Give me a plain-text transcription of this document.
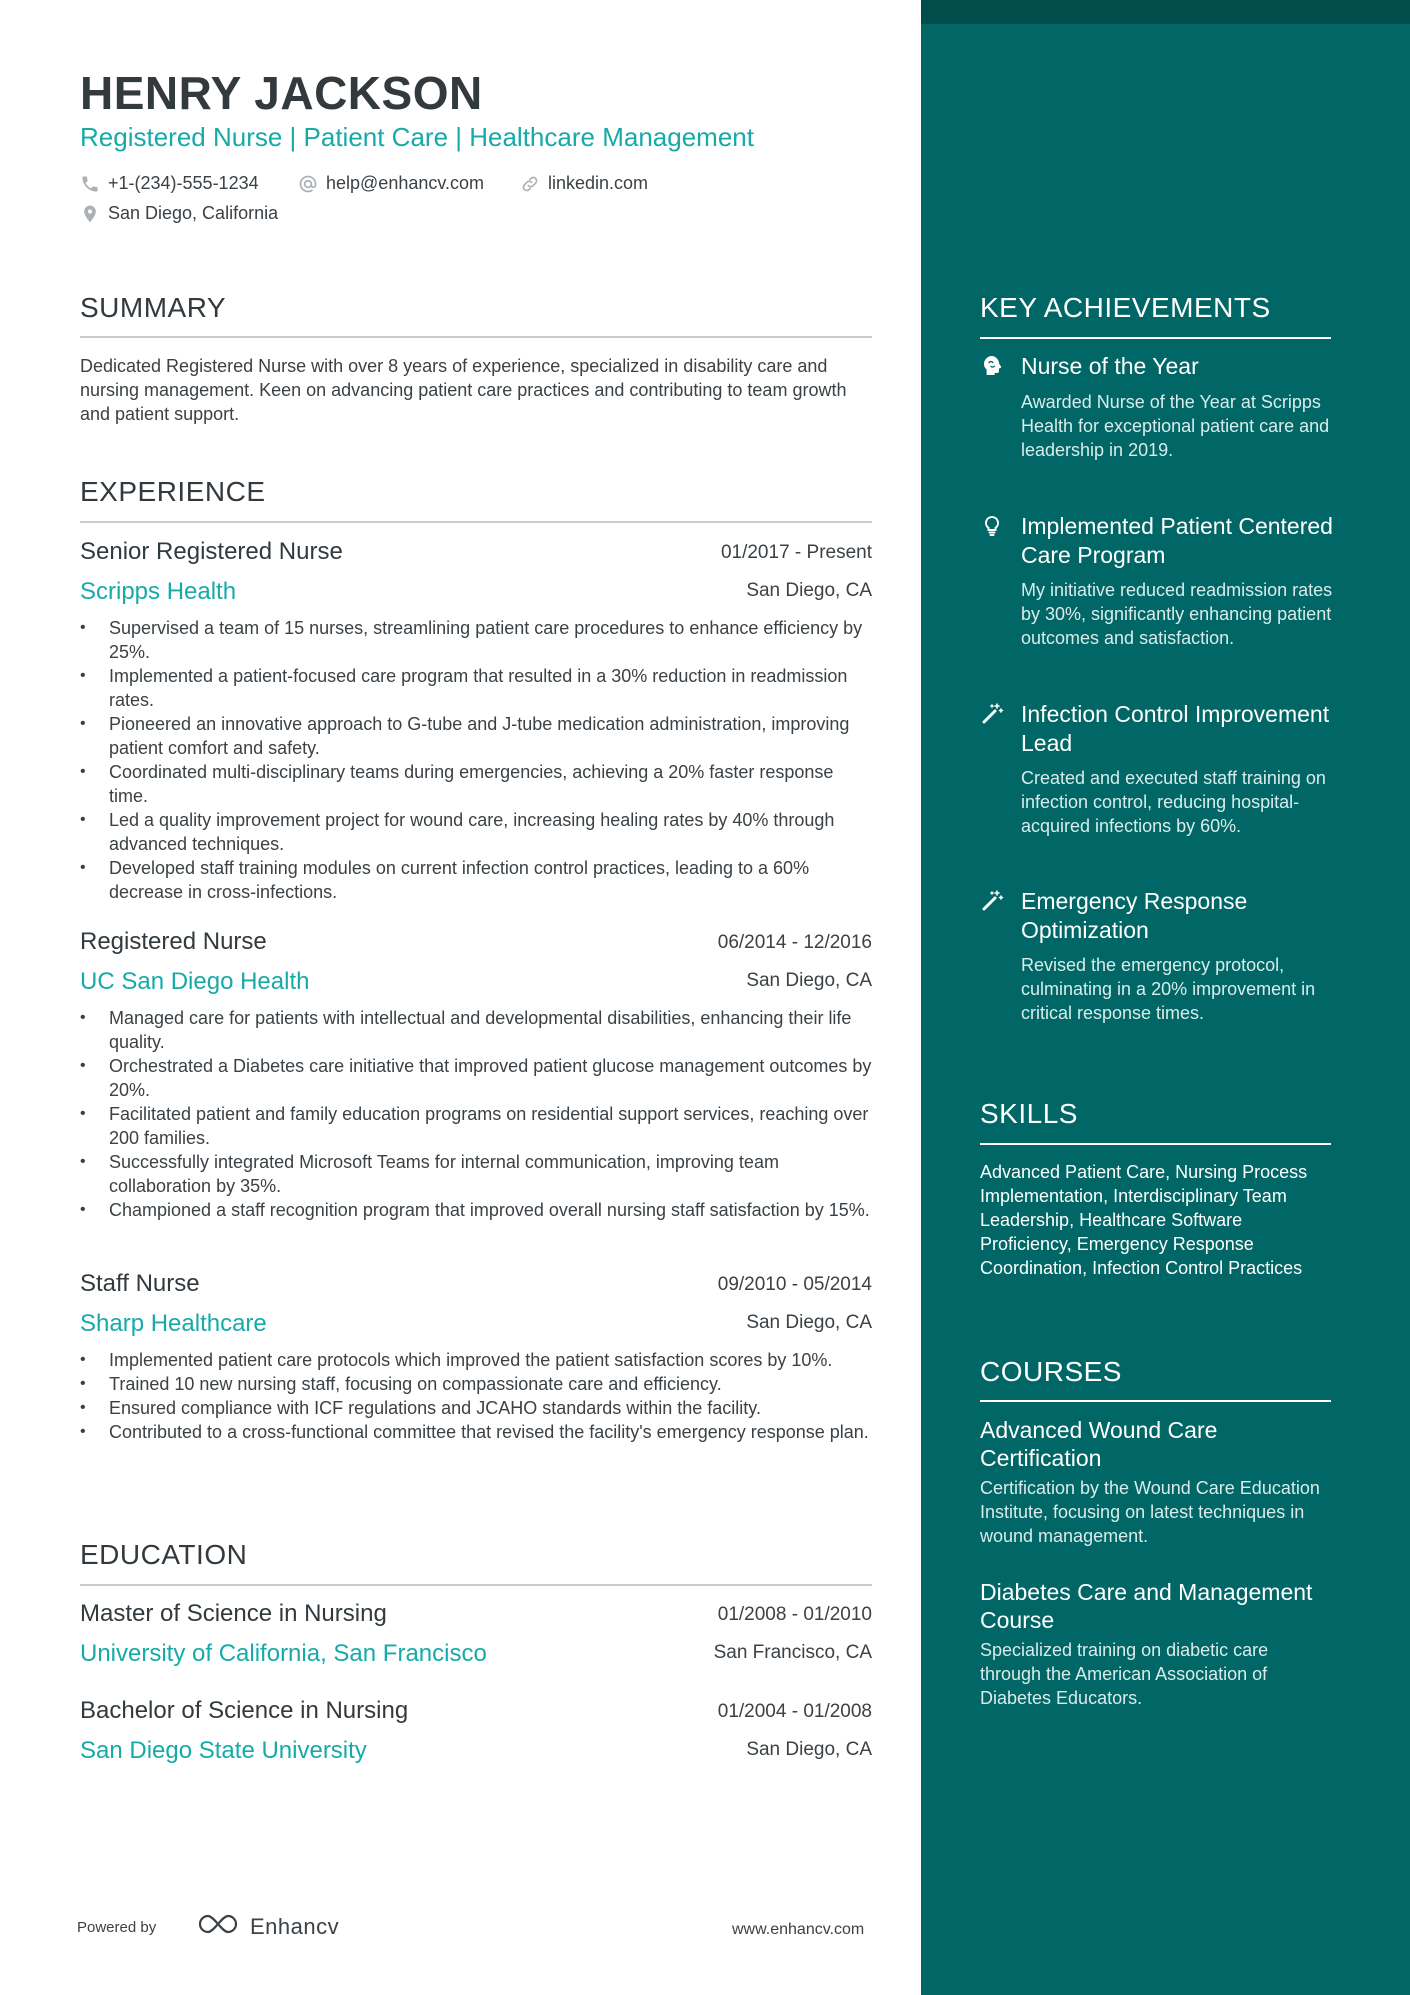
HENRY JACKSON
Registered Nurse | Patient Care | Healthcare Management
+1-(234)-555-1234	help@enhancv.com	linkedin.com
San Diego, California
SUMMARY
Dedicated Registered Nurse with over 8 years of experience, specialized in disability care and nursing management. Keen on advancing patient care practices and contributing to team growth and patient support.
EXPERIENCE
Senior Registered Nurse	01/2017 - Present
Scripps Health	San Diego, CA
• Supervised a team of 15 nurses, streamlining patient care procedures to enhance efficiency by 25%.
• Implemented a patient-focused care program that resulted in a 30% reduction in readmission rates.
• Pioneered an innovative approach to G-tube and J-tube medication administration, improving patient comfort and safety.
• Coordinated multi-disciplinary teams during emergencies, achieving a 20% faster response time.
• Led a quality improvement project for wound care, increasing healing rates by 40% through advanced techniques.
• Developed staff training modules on current infection control practices, leading to a 60% decrease in cross-infections.
Registered Nurse	06/2014 - 12/2016
UC San Diego Health	San Diego, CA
• Managed care for patients with intellectual and developmental disabilities, enhancing their life quality.
• Orchestrated a Diabetes care initiative that improved patient glucose management outcomes by 20%.
• Facilitated patient and family education programs on residential support services, reaching over 200 families.
• Successfully integrated Microsoft Teams for internal communication, improving team collaboration by 35%.
• Championed a staff recognition program that improved overall nursing staff satisfaction by 15%.
Staff Nurse	09/2010 - 05/2014
Sharp Healthcare	San Diego, CA
• Implemented patient care protocols which improved the patient satisfaction scores by 10%.
• Trained 10 new nursing staff, focusing on compassionate care and efficiency.
• Ensured compliance with ICF regulations and JCAHO standards within the facility.
• Contributed to a cross-functional committee that revised the facility's emergency response plan.
EDUCATION
Master of Science in Nursing	01/2008 - 01/2010
University of California, San Francisco	San Francisco, CA
Bachelor of Science in Nursing	01/2004 - 01/2008
San Diego State University	San Diego, CA
Powered by	Enhancv	www.enhancv.com
KEY ACHIEVEMENTS
Nurse of the Year
Awarded Nurse of the Year at Scripps Health for exceptional patient care and leadership in 2019.
Implemented Patient Centered Care Program
My initiative reduced readmission rates by 30%, significantly enhancing patient outcomes and satisfaction.
Infection Control Improvement Lead
Created and executed staff training on infection control, reducing hospital-acquired infections by 60%.
Emergency Response Optimization
Revised the emergency protocol, culminating in a 20% improvement in critical response times.
SKILLS
Advanced Patient Care, Nursing Process Implementation, Interdisciplinary Team Leadership, Healthcare Software Proficiency, Emergency Response Coordination, Infection Control Practices
COURSES
Advanced Wound Care Certification
Certification by the Wound Care Education Institute, focusing on latest techniques in wound management.
Diabetes Care and Management Course
Specialized training on diabetic care through the American Association of Diabetes Educators.
